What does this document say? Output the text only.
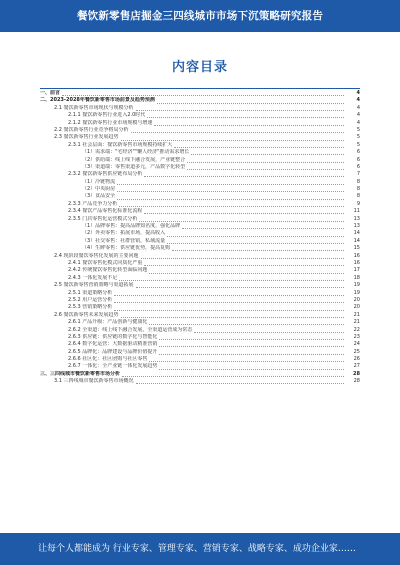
餐饮新零售店掘金三四线城市市场下沉策略研究报告
内容目录
一、前言	4
二、2023-2028年餐饮新零售市场前景及趋势预测	4
2.1 餐饮新零售市场现状与规模分析	4
2.1.1 餐饮新零售行业进入2.0时代	4
2.1.2 餐饮新零售行业市场规模与增速	4
2.2 餐饮新零售行业竞争格局分析	5
2.3 餐饮新零售行业发展趋势	5
2.3.1 社会层面：餐饮新零售市场规模持续扩大	5
（1）需求端："宅经济""懒人经济"推动需求增长	6
（2）供给端：线上线下融合发展，产业链整合	6
（3）渠道端：零售渠道多元，产品数字化转型	6
2.3.2 餐饮新零售供应链布局分析	7
（1）冷链物流	8
（2）中央厨房	8
（3）食品安全	8
2.3.3 产品竞争力分析	9
2.3.4 餐饮产品零售化标准化流程	11
2.3.5 门店零售化运营模式分析	13
（1）品牌零售：提高品牌知名度，强化品牌	13
（2）外卖零售：拓展市场，提高收入	14
（3）社交零售：社群营销，私域流量	14
（4）生鲜零售：供应链优势，提高复购	15
2.4 现阶段餐饮零售化发展的主要问题	16
2.4.1 餐饮零售化模式同质化严重	16
2.4.2 传统餐饮零售化转型面临问题	17
2.4.3 一体化发展不足	18
2.5 餐饮新零售营销策略与渠道拓展	19
2.5.1 渠道策略分析	19
2.5.2 用户运营分析	20
2.5.3 营销策略分析	20
2.6 餐饮新零售未来发展趋势	21
2.6.1 产品升级：产品创新与健康化	21
2.6.2 全渠道：线上线下融合发展，全渠道运营成为常态	22
2.6.3 供应链：供应链的数字化与智能化	23
2.6.4 数字化运营：大数据驱动精准营销	24
2.6.5 品牌化：品牌建设与品牌价值提升	25
2.6.6 社区化：社区团购与社区零售	26
2.6.7 一体化：全产业链一体化发展趋势	27
三、三四线城市餐饮新零售市场分析	28
3.1 三四线城市餐饮新零售市场概况	28
让每个人都能成为 行业专家、管理专家、营销专家、战略专家、成功企业家……
